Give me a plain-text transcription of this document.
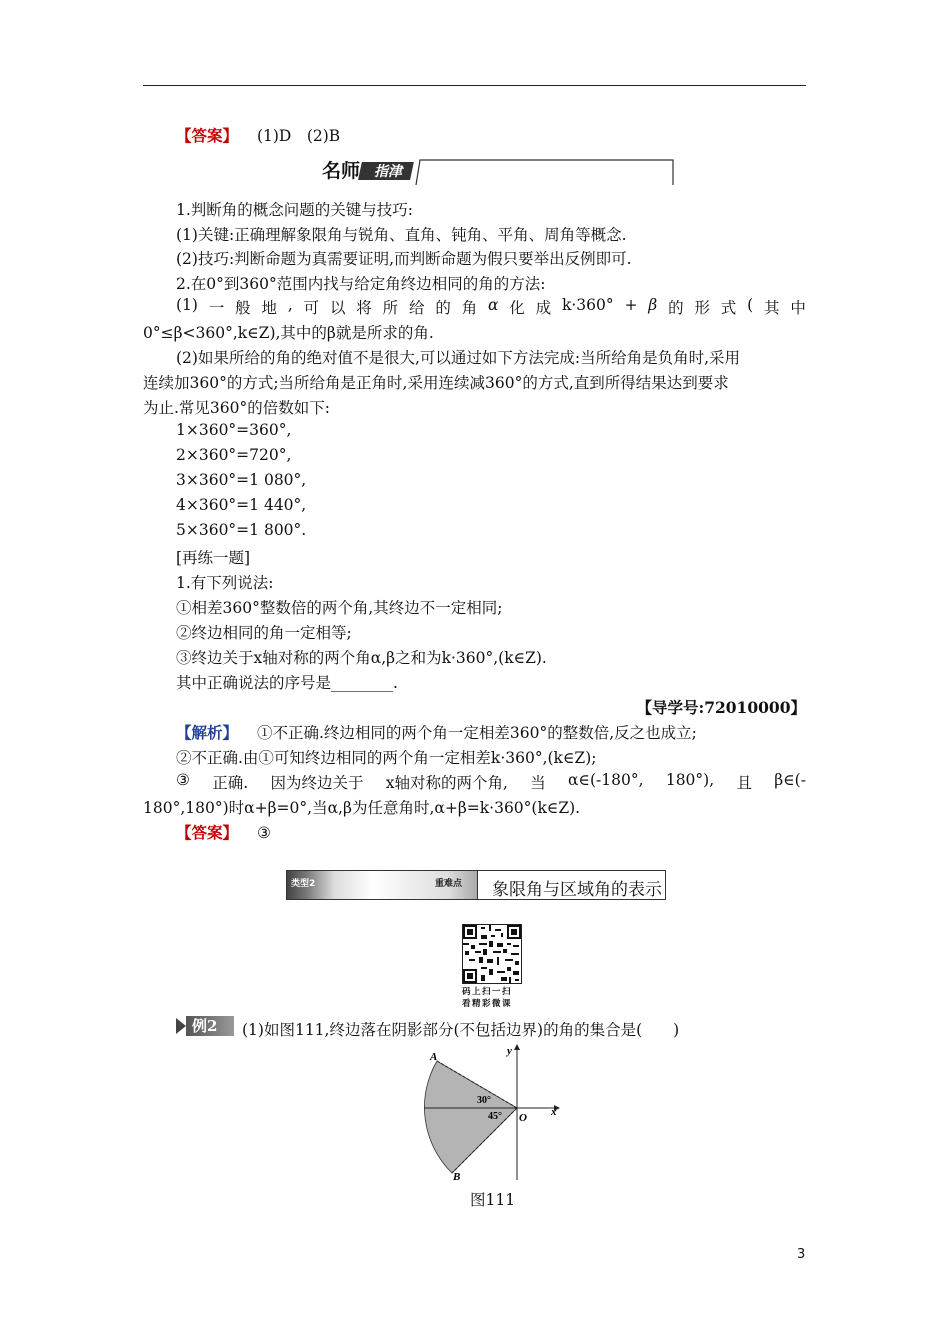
【答案】 (1)D　(2)B
名师 指津
1.判断角的概念问题的关键与技巧:
(1)关键:正确理解象限角与锐角、直角、钝角、平角、周角等概念.
(2)技巧:判断命题为真需要证明,而判断命题为假只要举出反例即可.
2.在0°到360°范围内找与给定角终边相同的角的方法:
(1) 一 般 地 , 可 以 将 所 给 的 角 α 化 成 k·360° + β 的 形 式 ( 其 中
0°≤β<360°,k∈Z),其中的β就是所求的角.
(2)如果所给的角的绝对值不是很大,可以通过如下方法完成:当所给角是负角时,采用
连续加360°的方式;当所给角是正角时,采用连续减360°的方式,直到所得结果达到要求
为止.常见360°的倍数如下:
1×360°=360°,
2×360°=720°,
3×360°=1 080°,
4×360°=1 440°,
5×360°=1 800°.
[再练一题]
1.有下列说法:
①相差360°整数倍的两个角,其终边不一定相同;
②终边相同的角一定相等;
③终边关于x轴对称的两个角α,β之和为k·360°,(k∈Z).
其中正确说法的序号是________.
【导学号:72010000】
【解析】 ①不正确.终边相同的两个角一定相差360°的整数倍,反之也成立;
②不正确.由①可知终边相同的两个角一定相差k·360°,(k∈Z);
③ 正确. 因为终边关于 x轴对称的两个角, 当 α∈(-180°, 180°), 且 β∈(-
180°,180°)时α+β=0°,当α,β为任意角时,α+β=k·360°(k∈Z).
【答案】 ③
类型2	重难点 象限角与区域角的表示
码上扫一扫
看精彩微课
例2	(1)如图111,终边落在阴影部分(不包括边界)的角的集合是(　　)
A
B
O x
y
30°
45°
图111
3
